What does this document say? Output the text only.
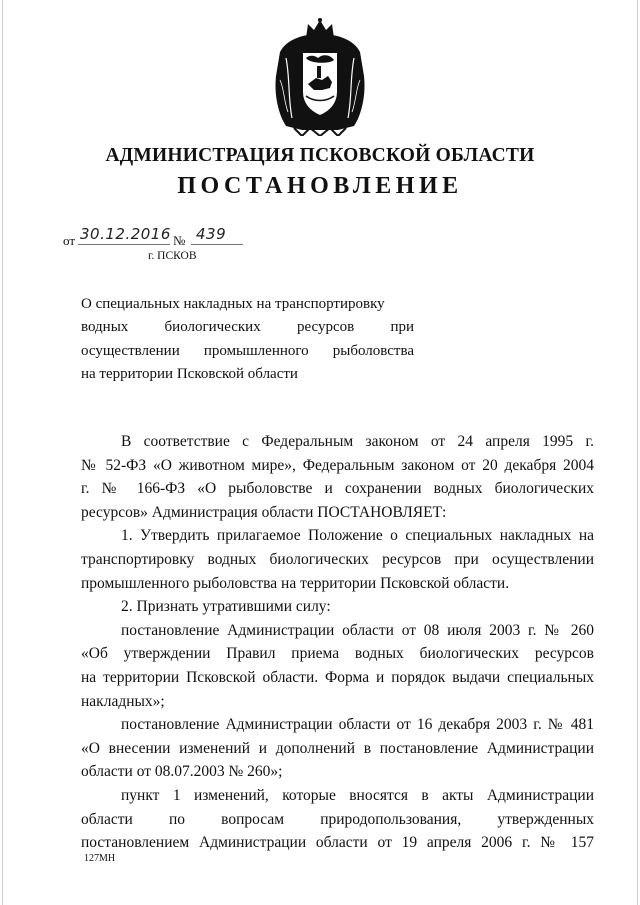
АДМИНИСТРАЦИЯ ПСКОВСКОЙ ОБЛАСТИ
ПОСТАНОВЛЕНИЕ
от 30.12.2016 № 439
г. ПСКОВ
О специальных накладных на транспортировку
водных биологических ресурсов при
осуществлении промышленного рыболовства
на территории Псковской области
В соответствие с Федеральным законом от 24 апреля 1995 г.
№ 52-ФЗ «О животном мире», Федеральным законом от 20 декабря 2004
г. № 166-ФЗ «О рыболовстве и сохранении водных биологических
ресурсов» Администрация области ПОСТАНОВЛЯЕТ:
1. Утвердить прилагаемое Положение о специальных накладных на
транспортировку водных биологических ресурсов при осуществлении
промышленного рыболовства на территории Псковской области.
2. Признать утратившими силу:
постановление Администрации области от 08 июля 2003 г. № 260
«Об утверждении Правил приема водных биологических ресурсов
на территории Псковской области. Форма и порядок выдачи специальных
накладных»;
постановление Администрации области от 16 декабря 2003 г. № 481
«О внесении изменений и дополнений в постановление Администрации
области от 08.07.2003 № 260»;
пункт 1 изменений, которые вносятся в акты Администрации
области по вопросам природопользования, утвержденных
постановлением Администрации области от 19 апреля 2006 г. № 157
127МН
